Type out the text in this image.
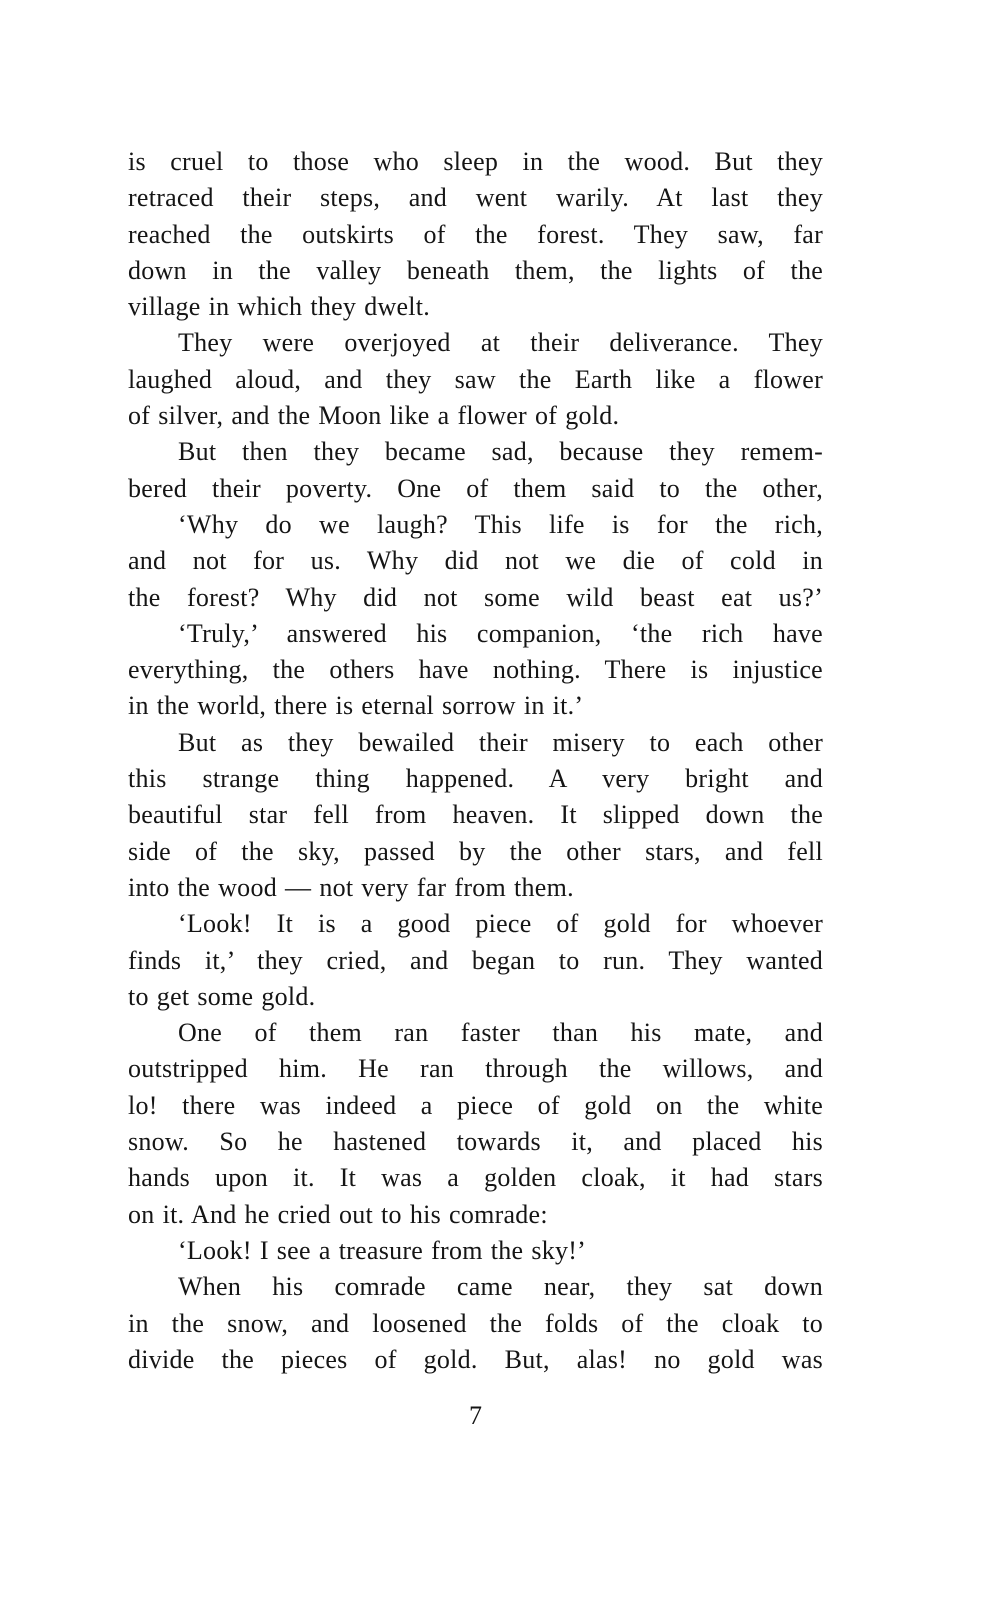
is cruel to those who sleep in the wood. But they
retraced their steps, and went warily. At last they
reached the outskirts of the forest. They saw, far
down in the valley beneath them, the lights of the
village in which they dwelt.
They were overjoyed at their deliverance. They
laughed aloud, and they saw the Earth like a flower
of silver, and the Moon like a flower of gold.
But then they became sad, because they remem-
bered their poverty. One of them said to the other,
‘Why do we laugh? This life is for the rich,
and not for us. Why did not we die of cold in
the forest? Why did not some wild beast eat us?’
‘Truly,’ answered his companion, ‘the rich have
everything, the others have nothing. There is injustice
in the world, there is eternal sorrow in it.’
But as they bewailed their misery to each other
this strange thing happened. A very bright and
beautiful star fell from heaven. It slipped down the
side of the sky, passed by the other stars, and fell
into the wood — not very far from them.
‘Look! It is a good piece of gold for whoever
finds it,’ they cried, and began to run. They wanted
to get some gold.
One of them ran faster than his mate, and
outstripped him. He ran through the willows, and
lo! there was indeed a piece of gold on the white
snow. So he hastened towards it, and placed his
hands upon it. It was a golden cloak, it had stars
on it. And he cried out to his comrade:
‘Look! I see a treasure from the sky!’
When his comrade came near, they sat down
in the snow, and loosened the folds of the cloak to
divide the pieces of gold. But, alas! no gold was
7
